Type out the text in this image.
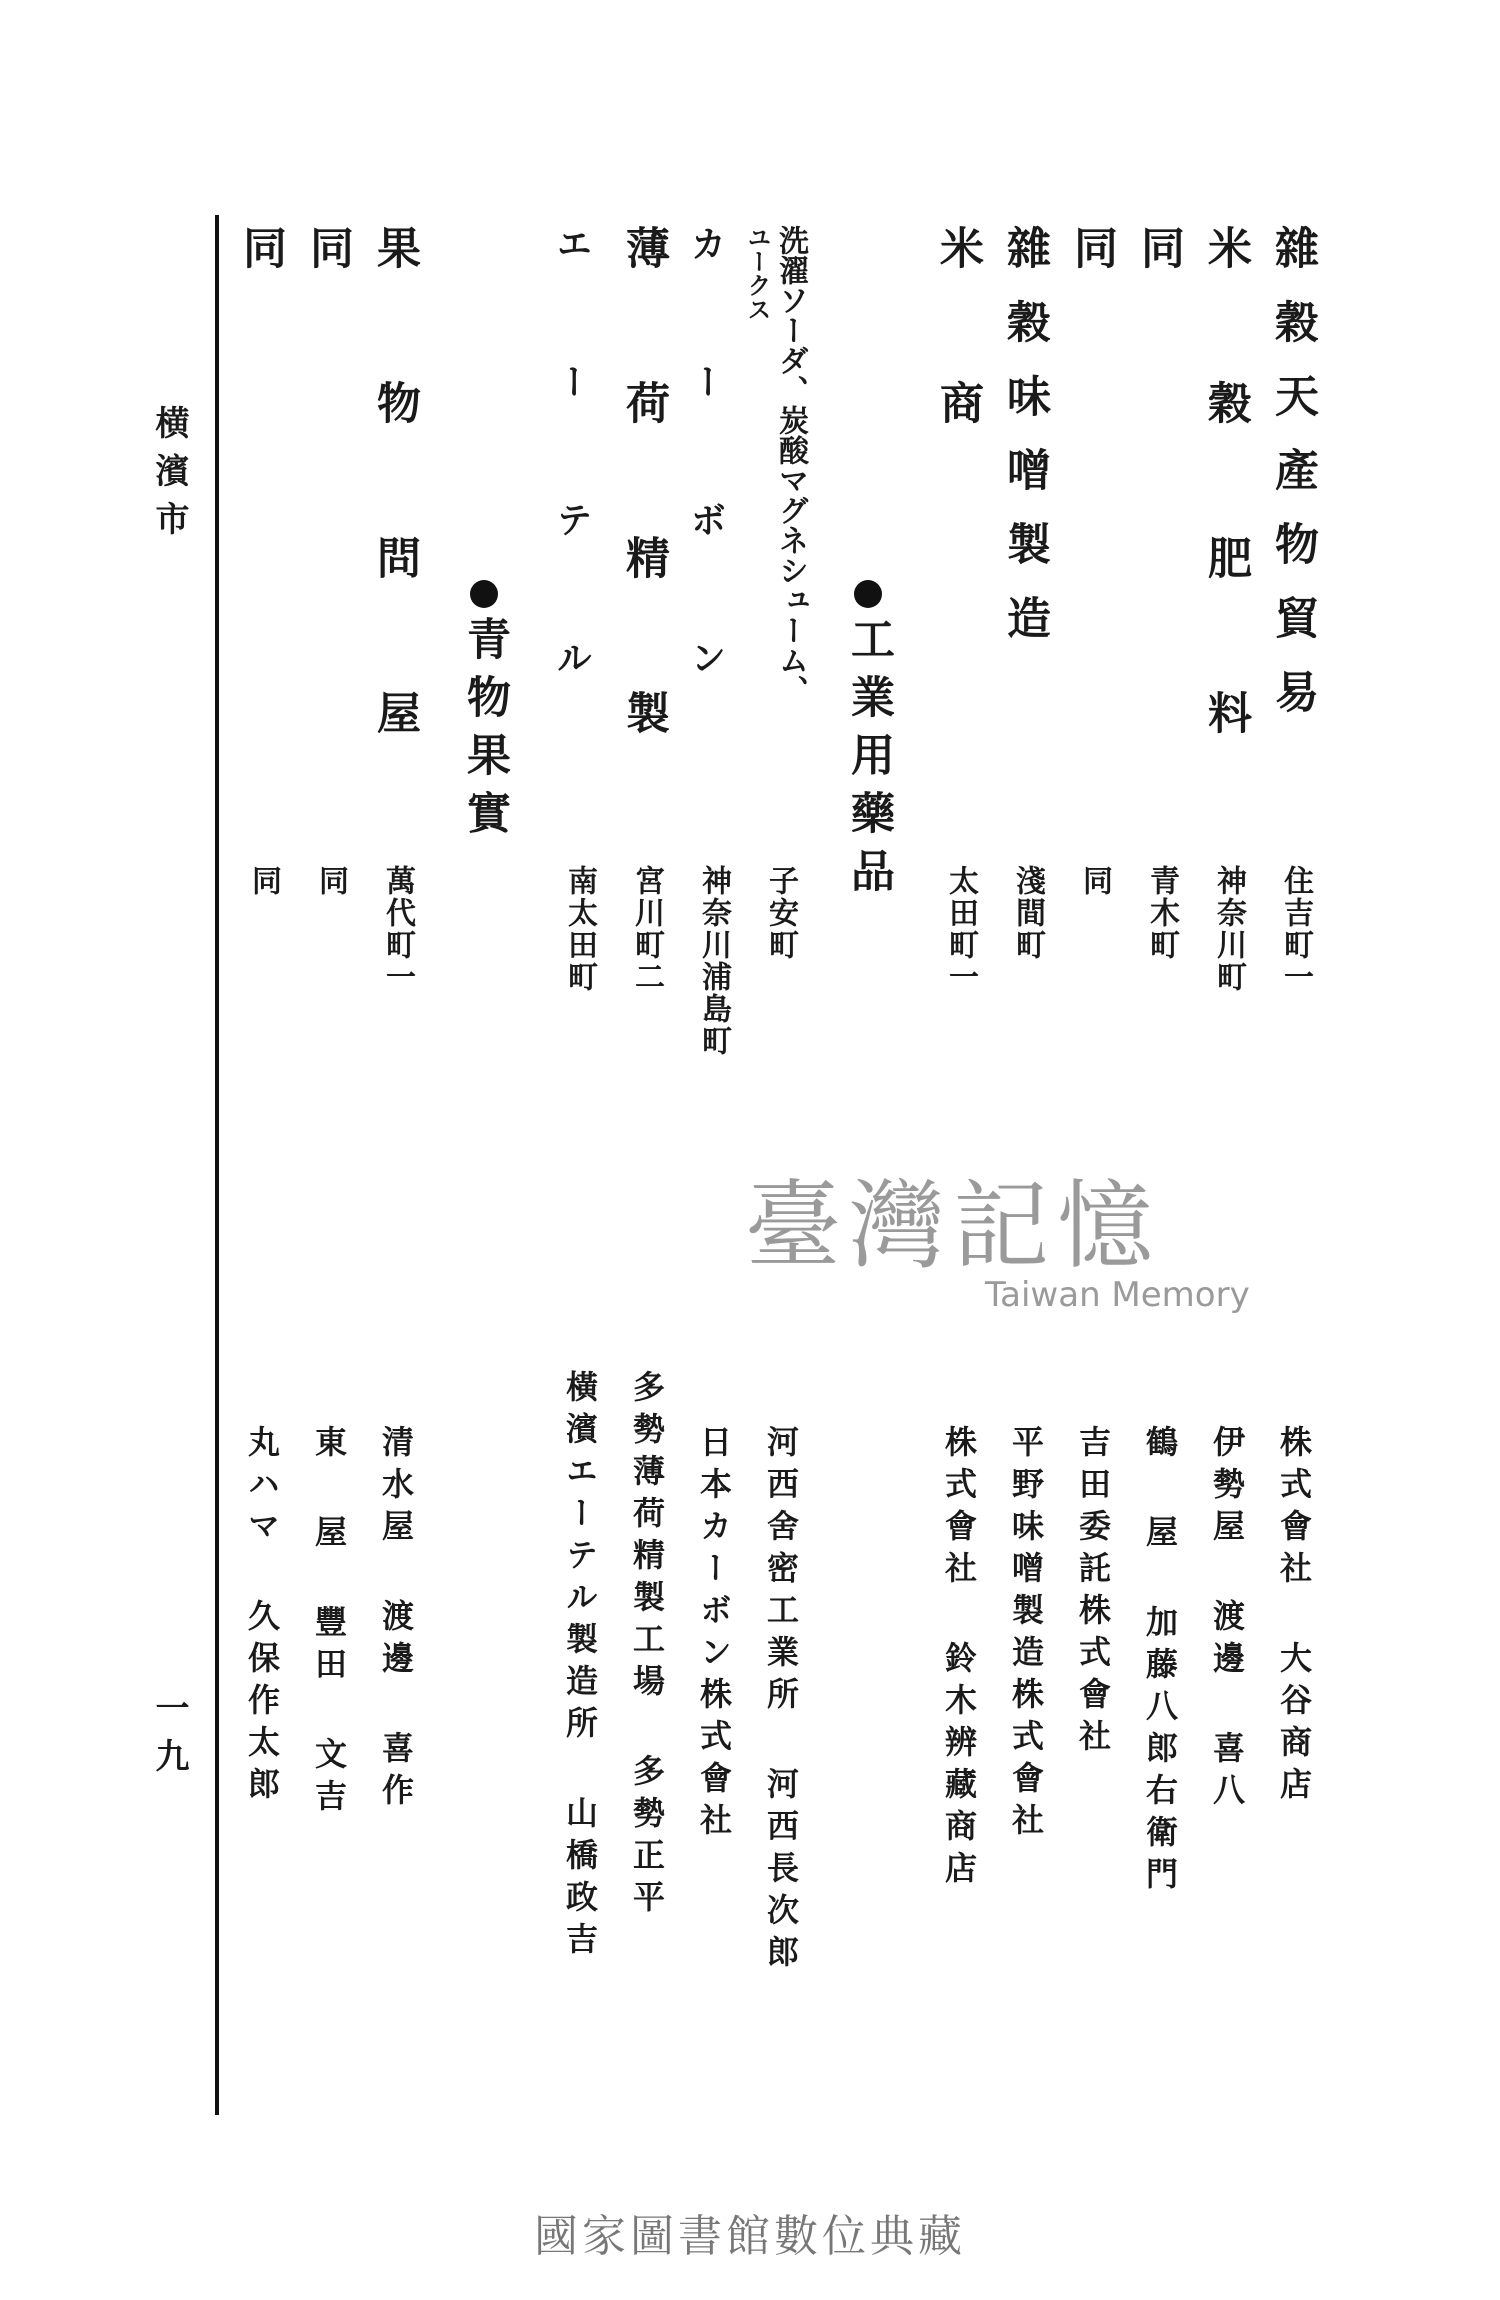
横濱市
一九
雜穀天產物貿易
住吉町一
株式會社 大谷商店
米 穀 肥 料
神奈川町
伊勢屋 渡邊 喜八
同
青木町
鶴 屋 加藤八郎右衛門
同
同
吉田委託株式會社
雜穀味噌製造
淺間町
平野味噌製造株式會社
米 商
太田町一
株式會社 鈴木辨藏商店
工業用藥品
洗濯ソーダ、炭酸マグネシューム、
ユークス
子安町
河西舍密工業所 河西長次郎
カ ー ボ ン
神奈川浦島町
日本カーボン株式會社
薄 荷 精 製
宮川町二
多勢薄荷精製工場 多勢正平
エ ー テ ル
南太田町
橫濱エーテル製造所 山橋政吉
青物果實
果 物 問 屋
萬代町一
清水屋 渡邊 喜作
同
同
東 屋 豐田 文吉
同
同
丸ハマ 久保作太郎
臺灣記憶
Taiwan Memory
國家圖書館數位典藏
